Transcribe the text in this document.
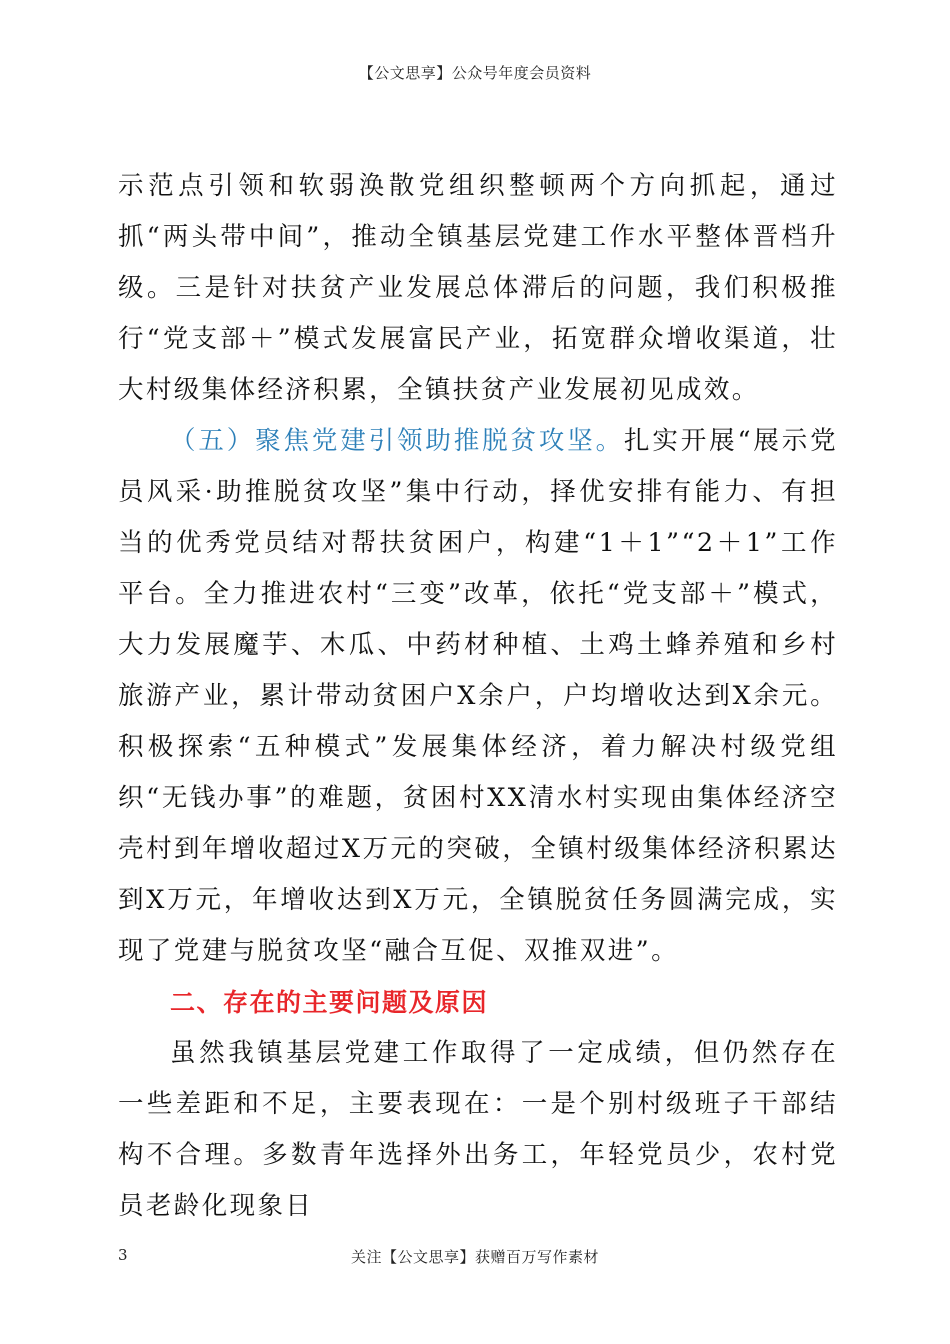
【公文思享】公众号年度会员资料

示范点引领和软弱涣散党组织整顿两个方向抓起，通过抓“两头带中间”，推动全镇基层党建工作水平整体晋档升级。三是针对扶贫产业发展总体滞后的问题，我们积极推行“党支部＋”模式发展富民产业，拓宽群众增收渠道，壮大村级集体经济积累，全镇扶贫产业发展初见成效。

（五）聚焦党建引领助推脱贫攻坚。扎实开展“展示党员风采·助推脱贫攻坚”集中行动，择优安排有能力、有担当的优秀党员结对帮扶贫困户，构建“1＋1”“2＋1”工作平台。全力推进农村“三变”改革，依托“党支部＋”模式，大力发展魔芋、木瓜、中药材种植、土鸡土蜂养殖和乡村旅游产业，累计带动贫困户X余户，户均增收达到X余元。积极探索“五种模式”发展集体经济，着力解决村级党组织“无钱办事”的难题，贫困村XX清水村实现由集体经济空壳村到年增收超过X万元的突破，全镇村级集体经济积累达到X万元，年增收达到X万元，全镇脱贫任务圆满完成，实现了党建与脱贫攻坚“融合互促、双推双进”。

二、存在的主要问题及原因

虽然我镇基层党建工作取得了一定成绩，但仍然存在一些差距和不足，主要表现在：一是个别村级班子干部结构不合理。多数青年选择外出务工，年轻党员少，农村党员老龄化现象日

3	关注【公文思享】获赠百万写作素材
